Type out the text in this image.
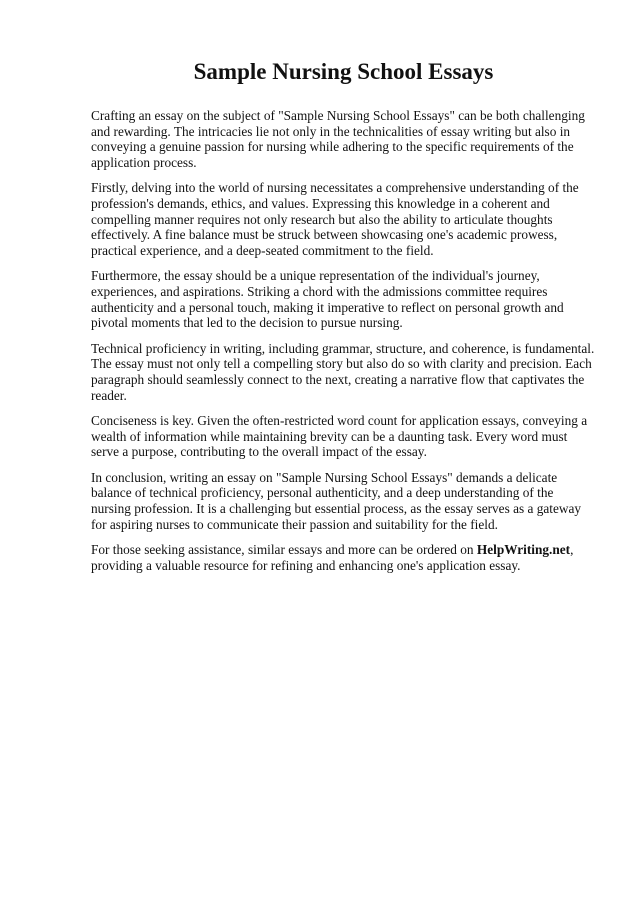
Sample Nursing School Essays

Crafting an essay on the subject of "Sample Nursing School Essays" can be both challenging and rewarding. The intricacies lie not only in the technicalities of essay writing but also in conveying a genuine passion for nursing while adhering to the specific requirements of the application process.

Firstly, delving into the world of nursing necessitates a comprehensive understanding of the profession's demands, ethics, and values. Expressing this knowledge in a coherent and compelling manner requires not only research but also the ability to articulate thoughts effectively. A fine balance must be struck between showcasing one's academic prowess, practical experience, and a deep-seated commitment to the field.

Furthermore, the essay should be a unique representation of the individual's journey, experiences, and aspirations. Striking a chord with the admissions committee requires authenticity and a personal touch, making it imperative to reflect on personal growth and pivotal moments that led to the decision to pursue nursing.

Technical proficiency in writing, including grammar, structure, and coherence, is fundamental. The essay must not only tell a compelling story but also do so with clarity and precision. Each paragraph should seamlessly connect to the next, creating a narrative flow that captivates the reader.

Conciseness is key. Given the often-restricted word count for application essays, conveying a wealth of information while maintaining brevity can be a daunting task. Every word must serve a purpose, contributing to the overall impact of the essay.

In conclusion, writing an essay on "Sample Nursing School Essays" demands a delicate balance of technical proficiency, personal authenticity, and a deep understanding of the nursing profession. It is a challenging but essential process, as the essay serves as a gateway for aspiring nurses to communicate their passion and suitability for the field.

For those seeking assistance, similar essays and more can be ordered on HelpWriting.net, providing a valuable resource for refining and enhancing one's application essay.
